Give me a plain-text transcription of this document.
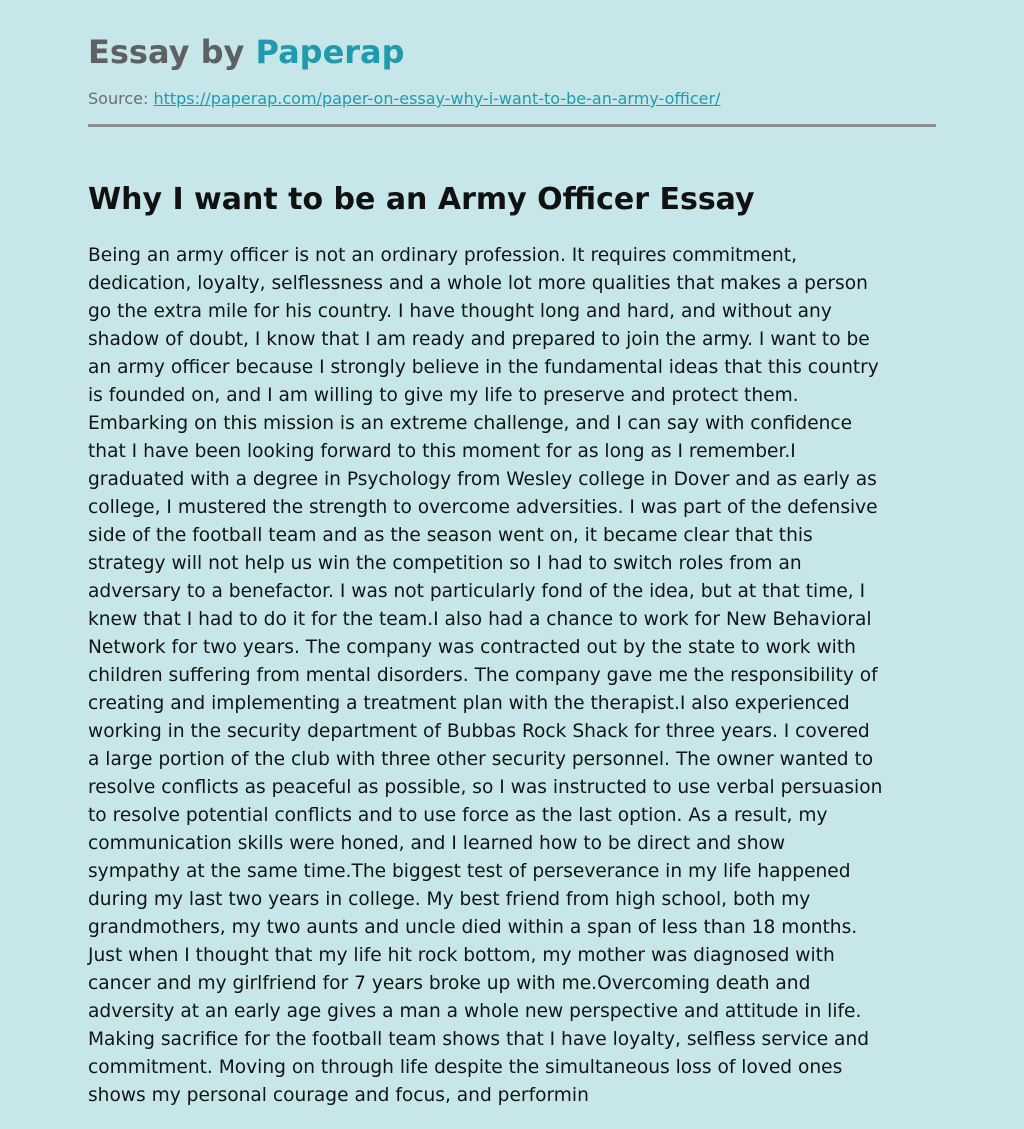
Essay by Paperap
Source: https://paperap.com/paper-on-essay-why-i-want-to-be-an-army-officer/
Why I want to be an Army Officer Essay
Being an army officer is not an ordinary profession. It requires commitment,
dedication, loyalty, selflessness and a whole lot more qualities that makes a person
go the extra mile for his country. I have thought long and hard, and without any
shadow of doubt, I know that I am ready and prepared to join the army. I want to be
an army officer because I strongly believe in the fundamental ideas that this country
is founded on, and I am willing to give my life to preserve and protect them.
Embarking on this mission is an extreme challenge, and I can say with confidence
that I have been looking forward to this moment for as long as I remember.I
graduated with a degree in Psychology from Wesley college in Dover and as early as
college, I mustered the strength to overcome adversities. I was part of the defensive
side of the football team and as the season went on, it became clear that this
strategy will not help us win the competition so I had to switch roles from an
adversary to a benefactor. I was not particularly fond of the idea, but at that time, I
knew that I had to do it for the team.I also had a chance to work for New Behavioral
Network for two years. The company was contracted out by the state to work with
children suffering from mental disorders. The company gave me the responsibility of
creating and implementing a treatment plan with the therapist.I also experienced
working in the security department of Bubbas Rock Shack for three years. I covered
a large portion of the club with three other security personnel. The owner wanted to
resolve conflicts as peaceful as possible, so I was instructed to use verbal persuasion
to resolve potential conflicts and to use force as the last option. As a result, my
communication skills were honed, and I learned how to be direct and show
sympathy at the same time.The biggest test of perseverance in my life happened
during my last two years in college. My best friend from high school, both my
grandmothers, my two aunts and uncle died within a span of less than 18 months.
Just when I thought that my life hit rock bottom, my mother was diagnosed with
cancer and my girlfriend for 7 years broke up with me.Overcoming death and
adversity at an early age gives a man a whole new perspective and attitude in life.
Making sacrifice for the football team shows that I have loyalty, selfless service and
commitment. Moving on through life despite the simultaneous loss of loved ones
shows my personal courage and focus, and performin
